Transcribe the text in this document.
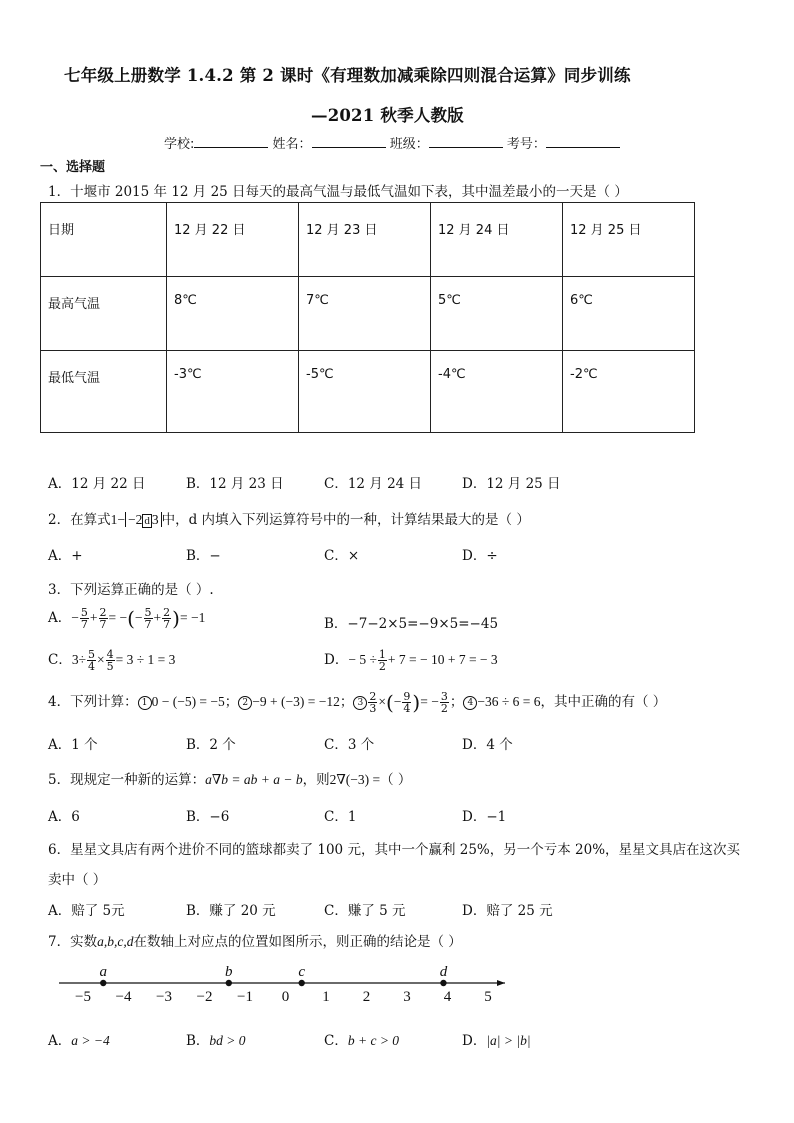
七年级上册数学 1.4.2 第 2 课时《有理数加减乘除四则混合运算》同步训练
—2021 秋季人教版
学校:	姓名：	班级：	考号：
一、选择题
1．十堰市 2015 年 12 月 25 日每天的最高气温与最低气温如下表，其中温差最小的一天是（ ）
日期	12 月 22 日	12 月 23 日	12 月 24 日	12 月 25 日
最高气温	8℃	7℃	5℃	6℃
最低气温	-3℃	-5℃	-4℃	-2℃
A．12 月 22 日	B．12 月 23 日	C．12 月 24 日	D．12 月 25 日
2．在算式1− −2 d 3 中，d 内填入下列运算符号中的一种，计算结果最大的是（ ）
A．+	B．−	C．×	D．÷
3．下列运算正确的是（ ）.
A．− $\frac{5}{7} + \frac{2}{7}$ = −(− $\frac{5}{7} + \frac{2}{7}$ )= −1	B．−7−2×5=−9×5=−45
C．$3\div \frac{5}{4} \times \frac{4}{5} = 3 \div 1 = 3$	D．− $5 \div \frac{1}{2} + 7$ = − 10 + 7 = − 3
4．下列计算： 1 0 − (−5) = −5； 2 −9 + (−3) = −12； $3 \frac{2}{3}$ ×(− $\frac{9}{4}$ )= − $\frac{3}{2}$ ； 4 −36 ÷ 6 = 6，其中正确的有（ ）
A．1 个	B．2 个	C．3 个	D．4 个
5．现规定一种新的运算：a∇b = ab + a − b，则2∇(−3) =（ ）
A．6	B．−6	C．1	D．−1
6．星星文具店有两个进价不同的篮球都卖了 100 元，其中一个赢利 25%，另一个亏本 20%，星星文具店在这次买
卖中（ ）
A．赔了 5元	B．赚了 20 元	C．赚了 5 元	D．赔了 25 元
7．实数a,b,c,d在数轴上对应点的位置如图所示，则正确的结论是（ ）
−5 −4 −3 −2 −1 0 1 2 3 4 5
a	b	c	d
A．a > −4	B．bd > 0	C．b + c > 0	D．|a| > |b|
